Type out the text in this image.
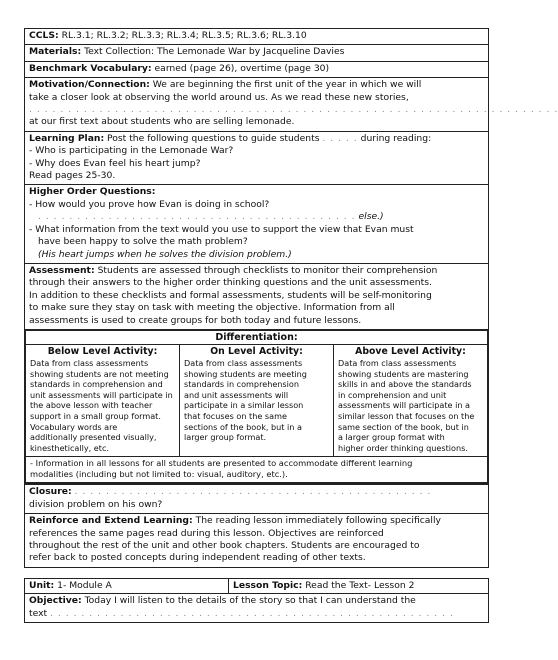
CCLS: RL.3.1; RL.3.2; RL.3.3; RL.3.4; RL.3.5; RL.3.6; RL.3.10
Materials: Text Collection: The Lemonade War by Jacqueline Davies
Benchmark Vocabulary: earned (page 26), overtime (page 30)
Motivation/Connection: We are beginning the first unit of the year in which we will
take a closer look at observing the world around us. As we read these new stories,
. . . . . . . . . . . . . . . . . . . . . . . . . . . . . . . . . . . . . . . . . . . . . . . . . . . . . . . . . . . . . . . . . . . .
at our first text about students who are selling lemonade.
Learning Plan: Post the following questions to guide students . . . . . during reading:
- Who is participating in the Lemonade War?
- Why does Evan feel his heart jump?
Read pages 25-30.
Higher Order Questions:
- How would you prove how Evan is doing in school?
. . . . . . . . . . . . . . . . . . . . . . . . . . . . . . . . . . . . . . . . . else.)
- What information from the text would you use to support the view that Evan must
have been happy to solve the math problem?
(His heart jumps when he solves the division problem.)
Assessment: Students are assessed through checklists to monitor their comprehension
through their answers to the higher order thinking questions and the unit assessments.
In addition to these checklists and formal assessments, students will be self-monitoring
to make sure they stay on task with meeting the objective. Information from all
assessments is used to create groups for both today and future lessons.
Differentiation:
Below Level Activity:
Data from class assessments
showing students are not meeting
standards in comprehension and
unit assessments will participate in
the above lesson with teacher
support in a small group format.
Vocabulary words are
additionally presented visually,
kinesthetically, etc.
On Level Activity:
Data from class assessments
showing students are meeting
standards in comprehension
and unit assessments will
participate in a similar lesson
that focuses on the same
sections of the book, but in a
larger group format.
Above Level Activity:
Data from class assessments
showing students are mastering
skills in and above the standards
in comprehension and unit
assessments will participate in a
similar lesson that focuses on the
same section of the book, but in
a larger group format with
higher order thinking questions.
- Information in all lessons for all students are presented to accommodate different learning
modalities (including but not limited to: visual, auditory, etc.).
Closure: . . . . . . . . . . . . . . . . . . . . . . . . . . . . . . . . . . . . . . . . . . . . . .
division problem on his own?
Reinforce and Extend Learning: The reading lesson immediately following specifically
references the same pages read during this lesson. Objectives are reinforced
throughout the rest of the unit and other book chapters. Students are encouraged to
refer back to posted concepts during independent reading of other texts.
Unit: 1- Module A	Lesson Topic: Read the Text- Lesson 2
Objective: Today I will listen to the details of the story so that I can understand the
text . . . . . . . . . . . . . . . . . . . . . . . . . . . . . . . . . . . . . . . . . . . . . . . . . . . .
